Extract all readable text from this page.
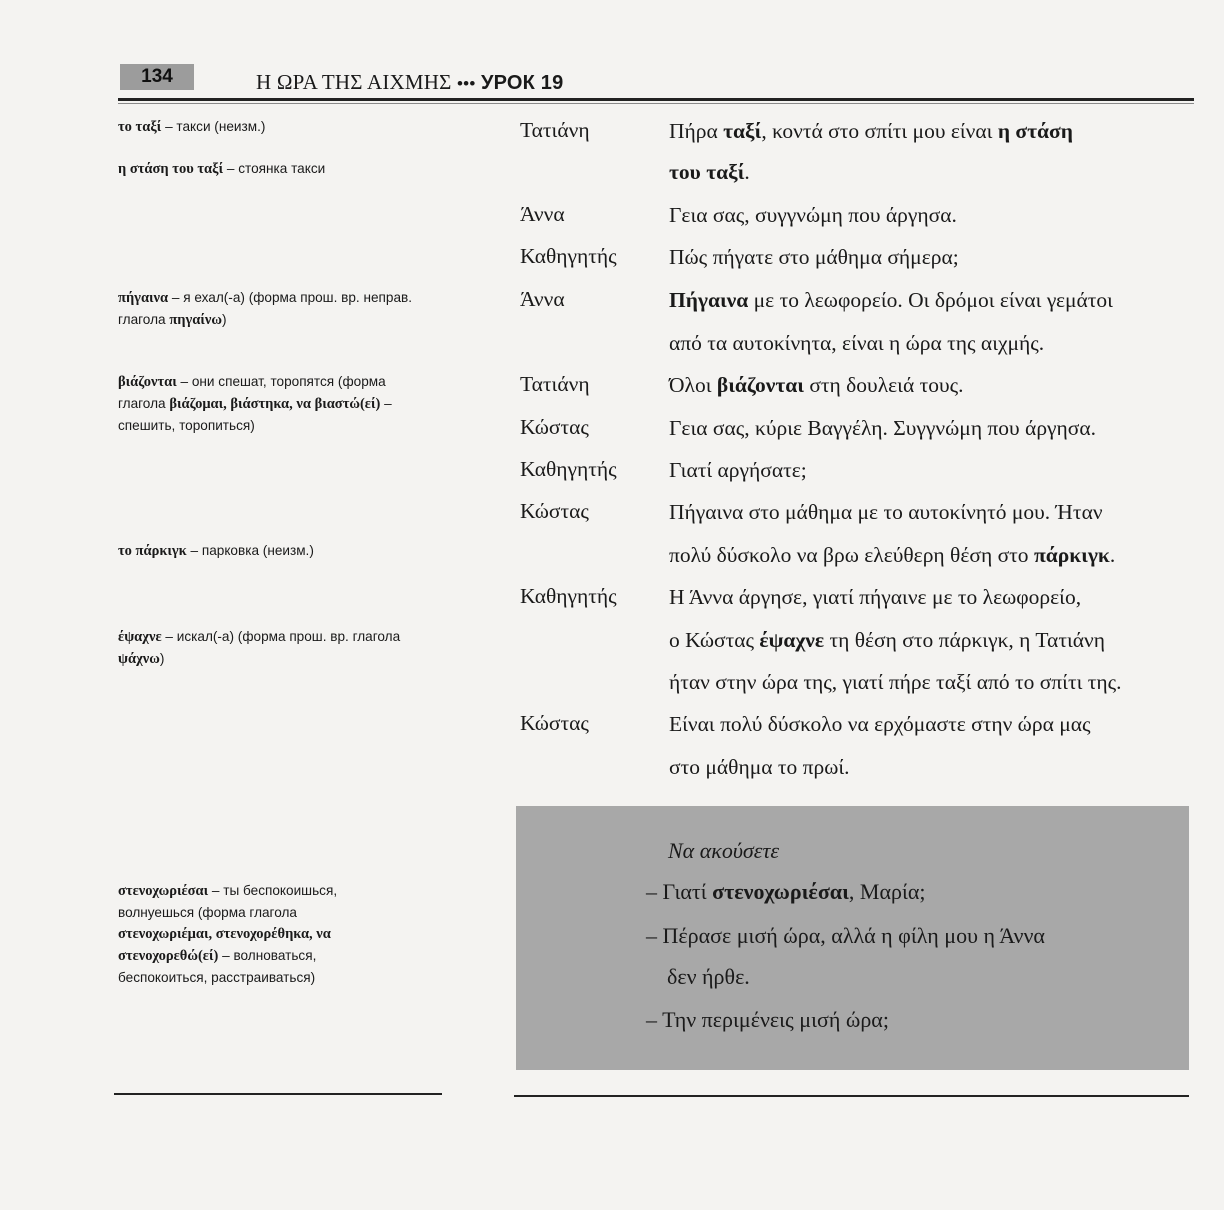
134	Η ΩΡΑ ΤΗΣ ΑΙΧΜΗΣ ••• УРОК 19
το ταξί – такси (неизм.)
η στάση του ταξί – стоянка такси
πήγαινα – я ехал(-а) (форма прош. вр. неправ. глагола πηγαίνω)
βιάζονται – они спешат, торопятся (форма глагола βιάζομαι, βιάστηκα, να βιαστώ(εί) – спешить, торопиться)
το πάρκιγκ – парковка (неизм.)
έψαχνε – искал(-а) (форма прош. вр. глагола ψάχνω)
στενοχωριέσαι – ты беспокоишься, волнуешься (форма глагола στενοχωριέμαι, στενοχορέθηκα, να στενοχορεθώ(εί) – волноваться, беспокоиться, расстраиваться)
Τατιάνη
Άννα
Καθηγητής
Άννα
Τατιάνη
Κώστας
Καθηγητής
Κώστας
Καθηγητής
Κώστας
Πήρα ταξί, κοντά στο σπίτι μου είναι η στάση
του ταξί.
Γεια σας, συγγνώμη που άργησα.
Πώς πήγατε στο μάθημα σήμερα;
Πήγαινα με το λεωφορείο. Οι δρόμοι είναι γεμάτοι
από τα αυτοκίνητα, είναι η ώρα της αιχμής.
Όλοι βιάζονται στη δουλειά τους.
Γεια σας, κύριε Βαγγέλη. Συγγνώμη που άργησα.
Γιατί αργήσατε;
Πήγαινα στο μάθημα με το αυτοκίνητό μου. Ήταν
πολύ δύσκολο να βρω ελεύθερη θέση στο πάρκιγκ.
Η Άννα άργησε, γιατί πήγαινε με το λεωφορείο,
ο Κώστας έψαχνε τη θέση στο πάρκιγκ, η Τατιάνη
ήταν στην ώρα της, γιατί πήρε ταξί από το σπίτι της.
Είναι πολύ δύσκολο να ερχόμαστε στην ώρα μας
στο μάθημα το πρωί.
Να ακούσετε
– Γιατί στενοχωριέσαι, Μαρία;
– Πέρασε μισή ώρα, αλλά η φίλη μου η Άννα
δεν ήρθε.
– Την περιμένεις μισή ώρα;
